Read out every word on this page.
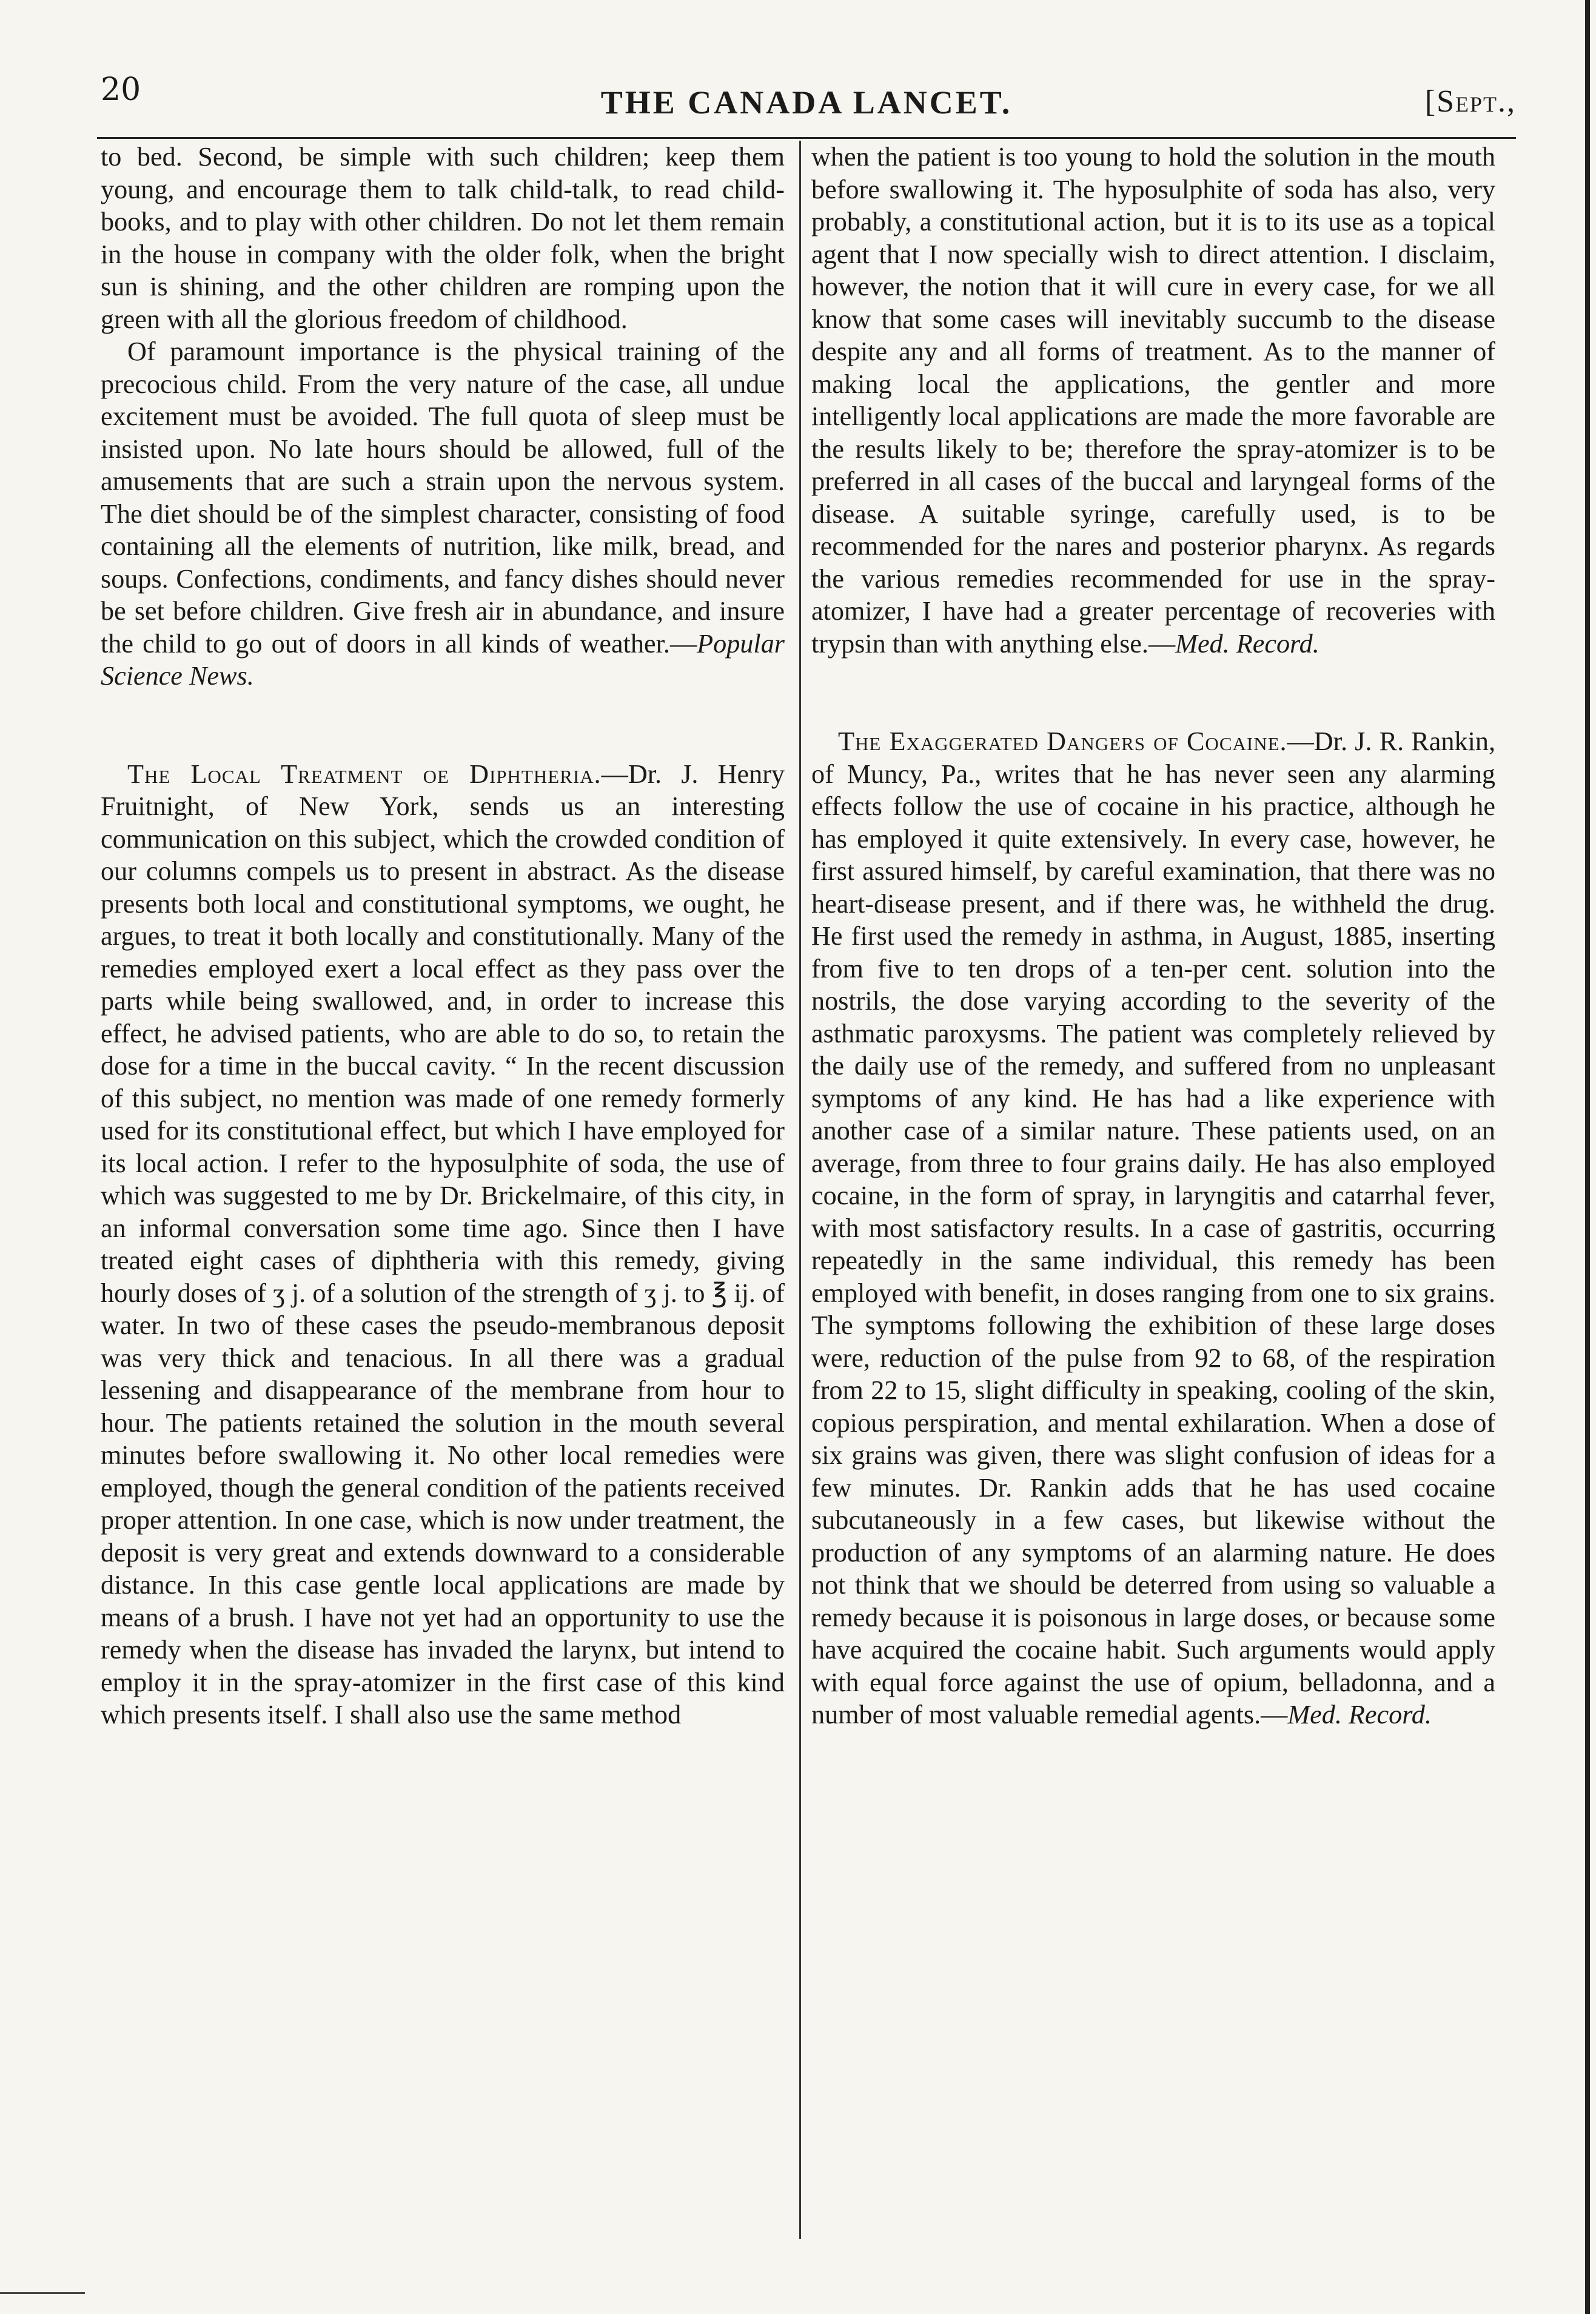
20	THE CANADA LANCET.	[Sept.,

to bed. Second, be simple with such children; keep them young, and encourage them to talk child-talk, to read child-books, and to play with other children. Do not let them remain in the house in company with the older folk, when the bright sun is shining, and the other children are romping upon the green with all the glorious freedom of childhood.

Of paramount importance is the physical training of the precocious child. From the very nature of the case, all undue excitement must be avoided. The full quota of sleep must be insisted upon. No late hours should be allowed, full of the amusements that are such a strain upon the nervous system. The diet should be of the simplest character, consisting of food containing all the elements of nutrition, like milk, bread, and soups. Confections, condiments, and fancy dishes should never be set before children. Give fresh air in abundance, and insure the child to go out of doors in all kinds of weather.—Popular Science News.

The Local Treatment oe Diphtheria.—Dr. J. Henry Fruitnight, of New York, sends us an interesting communication on this subject, which the crowded condition of our columns compels us to present in abstract. As the disease presents both local and constitutional symptoms, we ought, he argues, to treat it both locally and constitutionally. Many of the remedies employed exert a local effect as they pass over the parts while being swallowed, and, in order to increase this effect, he advised patients, who are able to do so, to retain the dose for a time in the buccal cavity. “ In the recent discussion of this subject, no mention was made of one remedy formerly used for its constitutional effect, but which I have employed for its local action. I refer to the hyposulphite of soda, the use of which was suggested to me by Dr. Brickelmaire, of this city, in an informal conversation some time ago. Since then I have treated eight cases of diphtheria with this remedy, giving hourly doses of ʒ j. of a solution of the strength of ʒ j. to ℥ ij. of water. In two of these cases the pseudo-membranous deposit was very thick and tenacious. In all there was a gradual lessening and disappearance of the membrane from hour to hour. The patients retained the solution in the mouth several minutes before swallowing it. No other local remedies were employed, though the general condition of the patients received proper attention. In one case, which is now under treatment, the deposit is very great and extends downward to a considerable distance. In this case gentle local applications are made by means of a brush. I have not yet had an opportunity to use the remedy when the disease has invaded the larynx, but intend to employ it in the spray-atomizer in the first case of this kind which presents itself. I shall also use the same method

when the patient is too young to hold the solution in the mouth before swallowing it. The hyposulphite of soda has also, very probably, a constitutional action, but it is to its use as a topical agent that I now specially wish to direct attention. I disclaim, however, the notion that it will cure in every case, for we all know that some cases will inevitably succumb to the disease despite any and all forms of treatment. As to the manner of making local the applications, the gentler and more intelligently local applications are made the more favorable are the results likely to be; therefore the spray-atomizer is to be preferred in all cases of the buccal and laryngeal forms of the disease. A suitable syringe, carefully used, is to be recommended for the nares and posterior pharynx. As regards the various remedies recommended for use in the spray-atomizer, I have had a greater percentage of recoveries with trypsin than with anything else.—Med. Record.

The Exaggerated Dangers of Cocaine.—Dr. J. R. Rankin, of Muncy, Pa., writes that he has never seen any alarming effects follow the use of cocaine in his practice, although he has employed it quite extensively. In every case, however, he first assured himself, by careful examination, that there was no heart-disease present, and if there was, he withheld the drug. He first used the remedy in asthma, in August, 1885, inserting from five to ten drops of a ten-per cent. solution into the nostrils, the dose varying according to the severity of the asthmatic paroxysms. The patient was completely relieved by the daily use of the remedy, and suffered from no unpleasant symptoms of any kind. He has had a like experience with another case of a similar nature. These patients used, on an average, from three to four grains daily. He has also employed cocaine, in the form of spray, in laryngitis and catarrhal fever, with most satisfactory results. In a case of gastritis, occurring repeatedly in the same individual, this remedy has been employed with benefit, in doses ranging from one to six grains. The symptoms following the exhibition of these large doses were, reduction of the pulse from 92 to 68, of the respiration from 22 to 15, slight difficulty in speaking, cooling of the skin, copious perspiration, and mental exhilaration. When a dose of six grains was given, there was slight confusion of ideas for a few minutes. Dr. Rankin adds that he has used cocaine subcutaneously in a few cases, but likewise without the production of any symptoms of an alarming nature. He does not think that we should be deterred from using so valuable a remedy because it is poisonous in large doses, or because some have acquired the cocaine habit. Such arguments would apply with equal force against the use of opium, belladonna, and a number of most valuable remedial agents.—Med. Record.
